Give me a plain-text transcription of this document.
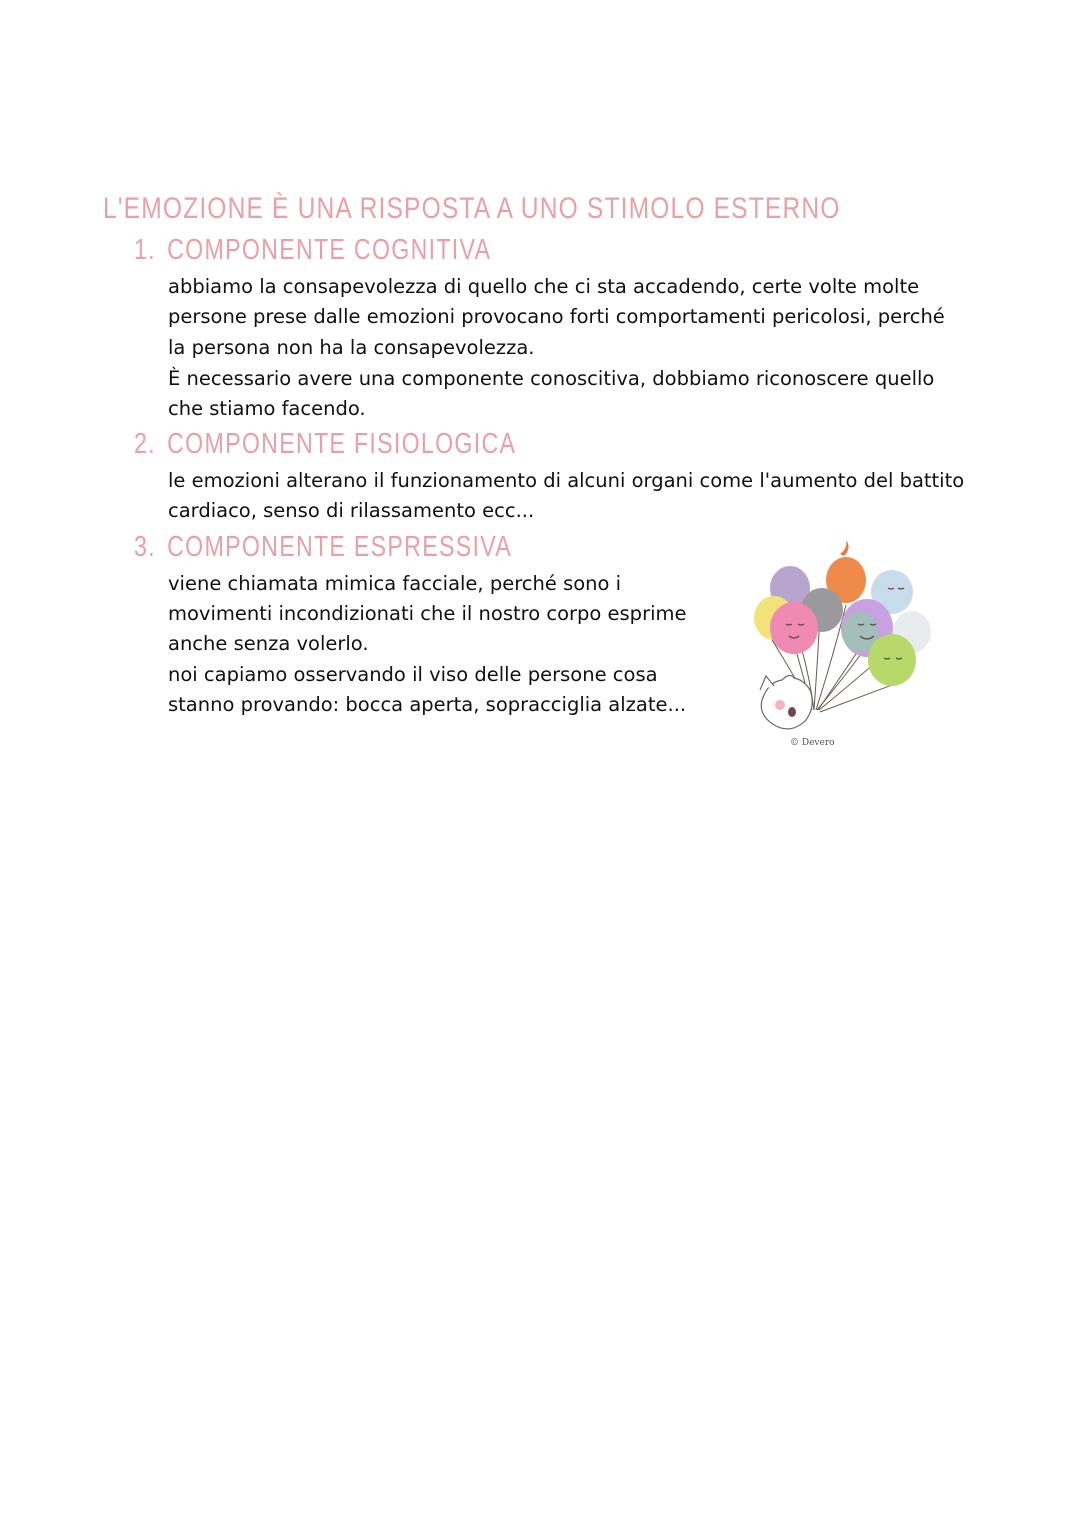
L'EMOZIONE È UNA RISPOSTA A UNO STIMOLO ESTERNO
1. COMPONENTE COGNITIVA
abbiamo la consapevolezza di quello che ci sta accadendo, certe volte molte
persone prese dalle emozioni provocano forti comportamenti pericolosi, perché
la persona non ha la consapevolezza.
È necessario avere una componente conoscitiva, dobbiamo riconoscere quello
che stiamo facendo.
2. COMPONENTE FISIOLOGICA
le emozioni alterano il funzionamento di alcuni organi come l'aumento del battito
cardiaco, senso di rilassamento ecc...
3. COMPONENTE ESPRESSIVA
viene chiamata mimica facciale, perché sono i
movimenti incondizionati che il nostro corpo esprime
anche senza volerlo.
noi capiamo osservando il viso delle persone cosa
stanno provando: bocca aperta, sopracciglia alzate...
© Devero
